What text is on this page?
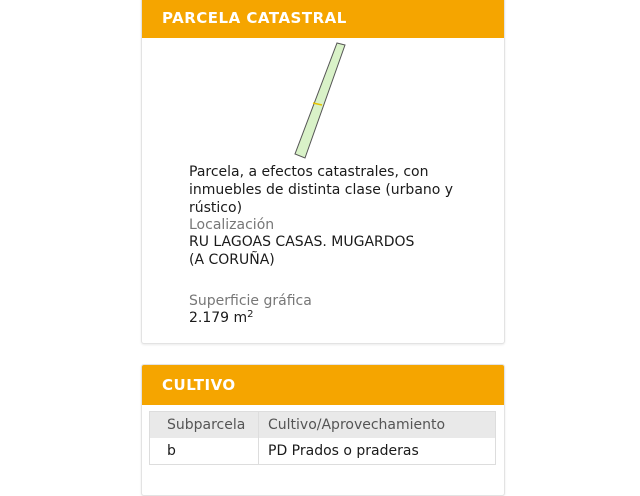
PARCELA CATASTRAL
Parcela, a efectos catastrales, con inmuebles de distinta clase (urbano y rústico)
Localización
RU LAGOAS CASAS. MUGARDOS (A CORUÑA)
Superficie gráfica
2.179 $m^2$
CULTIVO
Subparcela	Cultivo/Aprovechamiento
b	PD Prados o praderas
